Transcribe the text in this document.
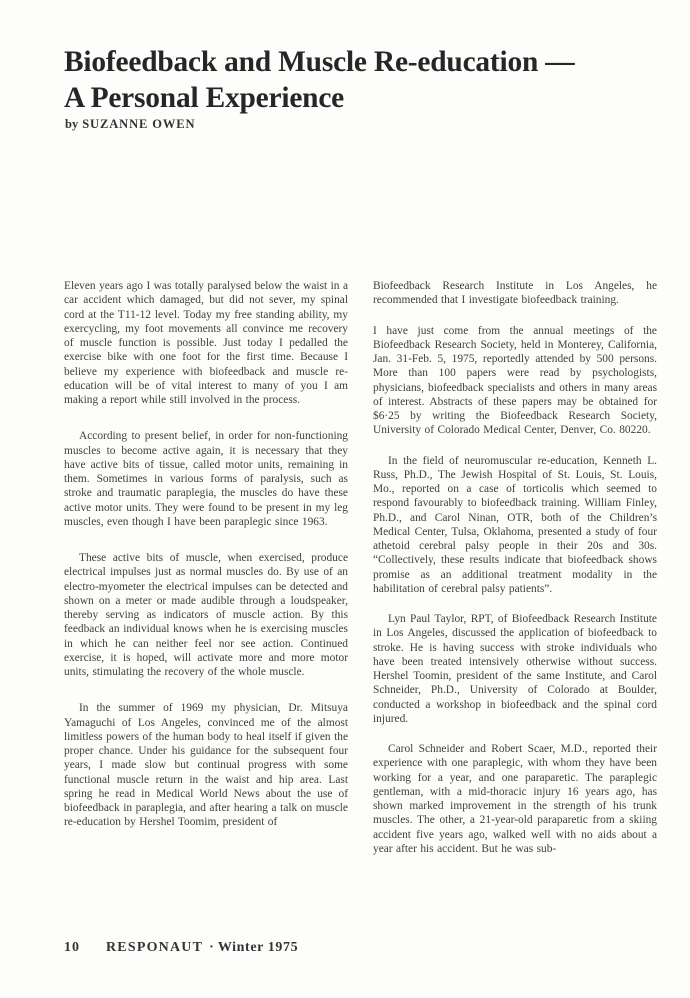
Biofeedback and Muscle Re-education —
A Personal Experience
by SUZANNE OWEN

Eleven years ago I was totally paralysed below the waist in a car accident which damaged, but did not sever, my spinal cord at the T11-12 level. Today my free standing ability, my exercycling, my foot movements all convince me recovery of muscle function is possible. Just today I pedalled the exercise bike with one foot for the first time. Because I believe my experience with biofeedback and muscle re-education will be of vital interest to many of you I am making a report while still involved in the process.

According to present belief, in order for non-functioning muscles to become active again, it is necessary that they have active bits of tissue, called motor units, remaining in them. Sometimes in various forms of paralysis, such as stroke and traumatic paraplegia, the muscles do have these active motor units. They were found to be present in my leg muscles, even though I have been paraplegic since 1963.

These active bits of muscle, when exercised, produce electrical impulses just as normal muscles do. By use of an electro-myometer the electrical impulses can be detected and shown on a meter or made audible through a loudspeaker, thereby serving as indicators of muscle action. By this feedback an individual knows when he is exercising muscles in which he can neither feel nor see action. Continued exercise, it is hoped, will activate more and more motor units, stimulating the recovery of the whole muscle.

In the summer of 1969 my physician, Dr. Mitsuya Yamaguchi of Los Angeles, convinced me of the almost limitless powers of the human body to heal itself if given the proper chance. Under his guidance for the subsequent four years, I made slow but continual progress with some functional muscle return in the waist and hip area. Last spring he read in Medical World News about the use of biofeedback in paraplegia, and after hearing a talk on muscle re-education by Hershel Toomim, president of

Biofeedback Research Institute in Los Angeles, he recommended that I investigate biofeedback training.

I have just come from the annual meetings of the Biofeedback Research Society, held in Monterey, California, Jan. 31-Feb. 5, 1975, reportedly attended by 500 persons. More than 100 papers were read by psychologists, physicians, biofeedback specialists and others in many areas of interest. Abstracts of these papers may be obtained for $6·25 by writing the Biofeedback Research Society, University of Colorado Medical Center, Denver, Co. 80220.

In the field of neuromuscular re-education, Kenneth L. Russ, Ph.D., The Jewish Hospital of St. Louis, St. Louis, Mo., reported on a case of torticolis which seemed to respond favourably to biofeedback training. William Finley, Ph.D., and Carol Ninan, OTR, both of the Children’s Medical Center, Tulsa, Oklahoma, presented a study of four athetoid cerebral palsy people in their 20s and 30s. “Collectively, these results indicate that biofeedback shows promise as an additional treatment modality in the habilitation of cerebral palsy patients”.

Lyn Paul Taylor, RPT, of Biofeedback Research Institute in Los Angeles, discussed the application of biofeedback to stroke. He is having success with stroke individuals who have been treated intensively otherwise without success. Hershel Toomin, president of the same Institute, and Carol Schneider, Ph.D., University of Colorado at Boulder, conducted a workshop in biofeedback and the spinal cord injured.

Carol Schneider and Robert Scaer, M.D., reported their experience with one paraplegic, with whom they have been working for a year, and one paraparetic. The paraplegic gentleman, with a mid-thoracic injury 16 years ago, has shown marked improvement in the strength of his trunk muscles. The other, a 21-year-old paraparetic from a skiing accident five years ago, walked well with no aids about a year after his accident. But he was sub-

10 RESPONAUT · Winter 1975
